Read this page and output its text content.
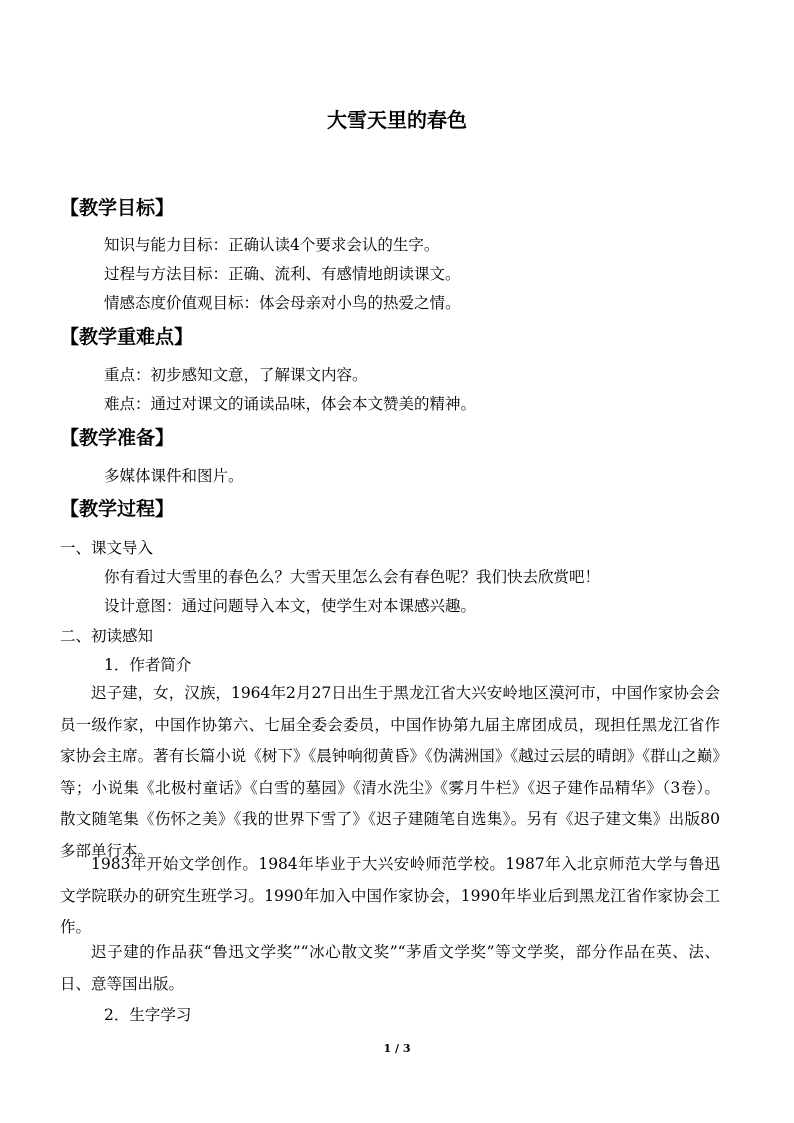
大雪天里的春色
【教学目标】
知识与能力目标：正确认读4个要求会认的生字。
过程与方法目标：正确、流利、有感情地朗读课文。
情感态度价值观目标：体会母亲对小鸟的热爱之情。
【教学重难点】
重点：初步感知文意，了解课文内容。
难点：通过对课文的诵读品味，体会本文赞美的精神。
【教学准备】
多媒体课件和图片。
【教学过程】
一、课文导入
你有看过大雪里的春色么？大雪天里怎么会有春色呢？我们快去欣赏吧！
设计意图：通过问题导入本文，使学生对本课感兴趣。
二、初读感知
1．作者简介
迟子建，女，汉族，1964年2月27日出生于黑龙江省大兴安岭地区漠河市，中国作家协会会员一级作家，中国作协第六、七届全委会委员，中国作协第九届主席团成员，现担任黑龙江省作家协会主席。著有长篇小说《树下》《晨钟响彻黄昏》《伪满洲国》《越过云层的晴朗》《群山之巅》等；小说集《北极村童话》《白雪的墓园》《清水洗尘》《雾月牛栏》《迟子建作品精华》（3卷）。散文随笔集《伤怀之美》《我的世界下雪了》《迟子建随笔自选集》。另有《迟子建文集》出版80多部单行本。
1983年开始文学创作。1984年毕业于大兴安岭师范学校。1987年入北京师范大学与鲁迅文学院联办的研究生班学习。1990年加入中国作家协会，1990年毕业后到黑龙江省作家协会工作。
迟子建的作品获“鲁迅文学奖”“冰心散文奖”“茅盾文学奖”等文学奖，部分作品在英、法、日、意等国出版。
2．生字学习
1 / 3
